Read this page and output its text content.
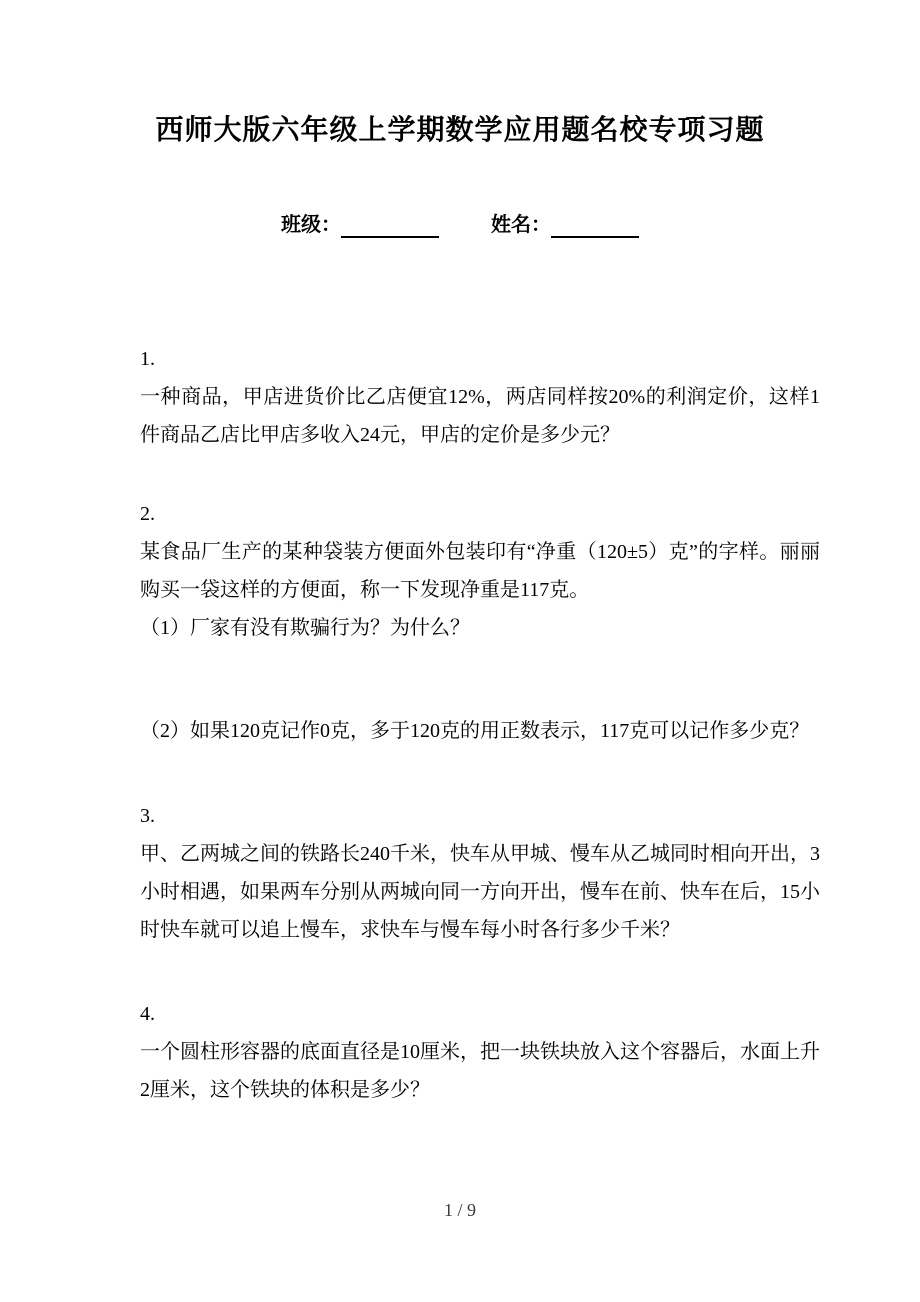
西师大版六年级上学期数学应用题名校专项习题
班级：	姓名：
1.

一种商品，甲店进货价比乙店便宜12%，两店同样按20%的利润定价，这样1件商品乙店比甲店多收入24元，甲店的定价是多少元？

2.

某食品厂生产的某种袋装方便面外包装印有“净重（120±5）克”的字样。丽丽购买一袋这样的方便面，称一下发现净重是117克。

（1）厂家有没有欺骗行为？为什么？

（2）如果120克记作0克，多于120克的用正数表示，117克可以记作多少克？

3.

甲、乙两城之间的铁路长240千米，快车从甲城、慢车从乙城同时相向开出，3小时相遇，如果两车分别从两城向同一方向开出，慢车在前、快车在后，15小时快车就可以追上慢车，求快车与慢车每小时各行多少千米？

4.

一个圆柱形容器的底面直径是10厘米，把一块铁块放入这个容器后，水面上升2厘米，这个铁块的体积是多少？

1 / 9
